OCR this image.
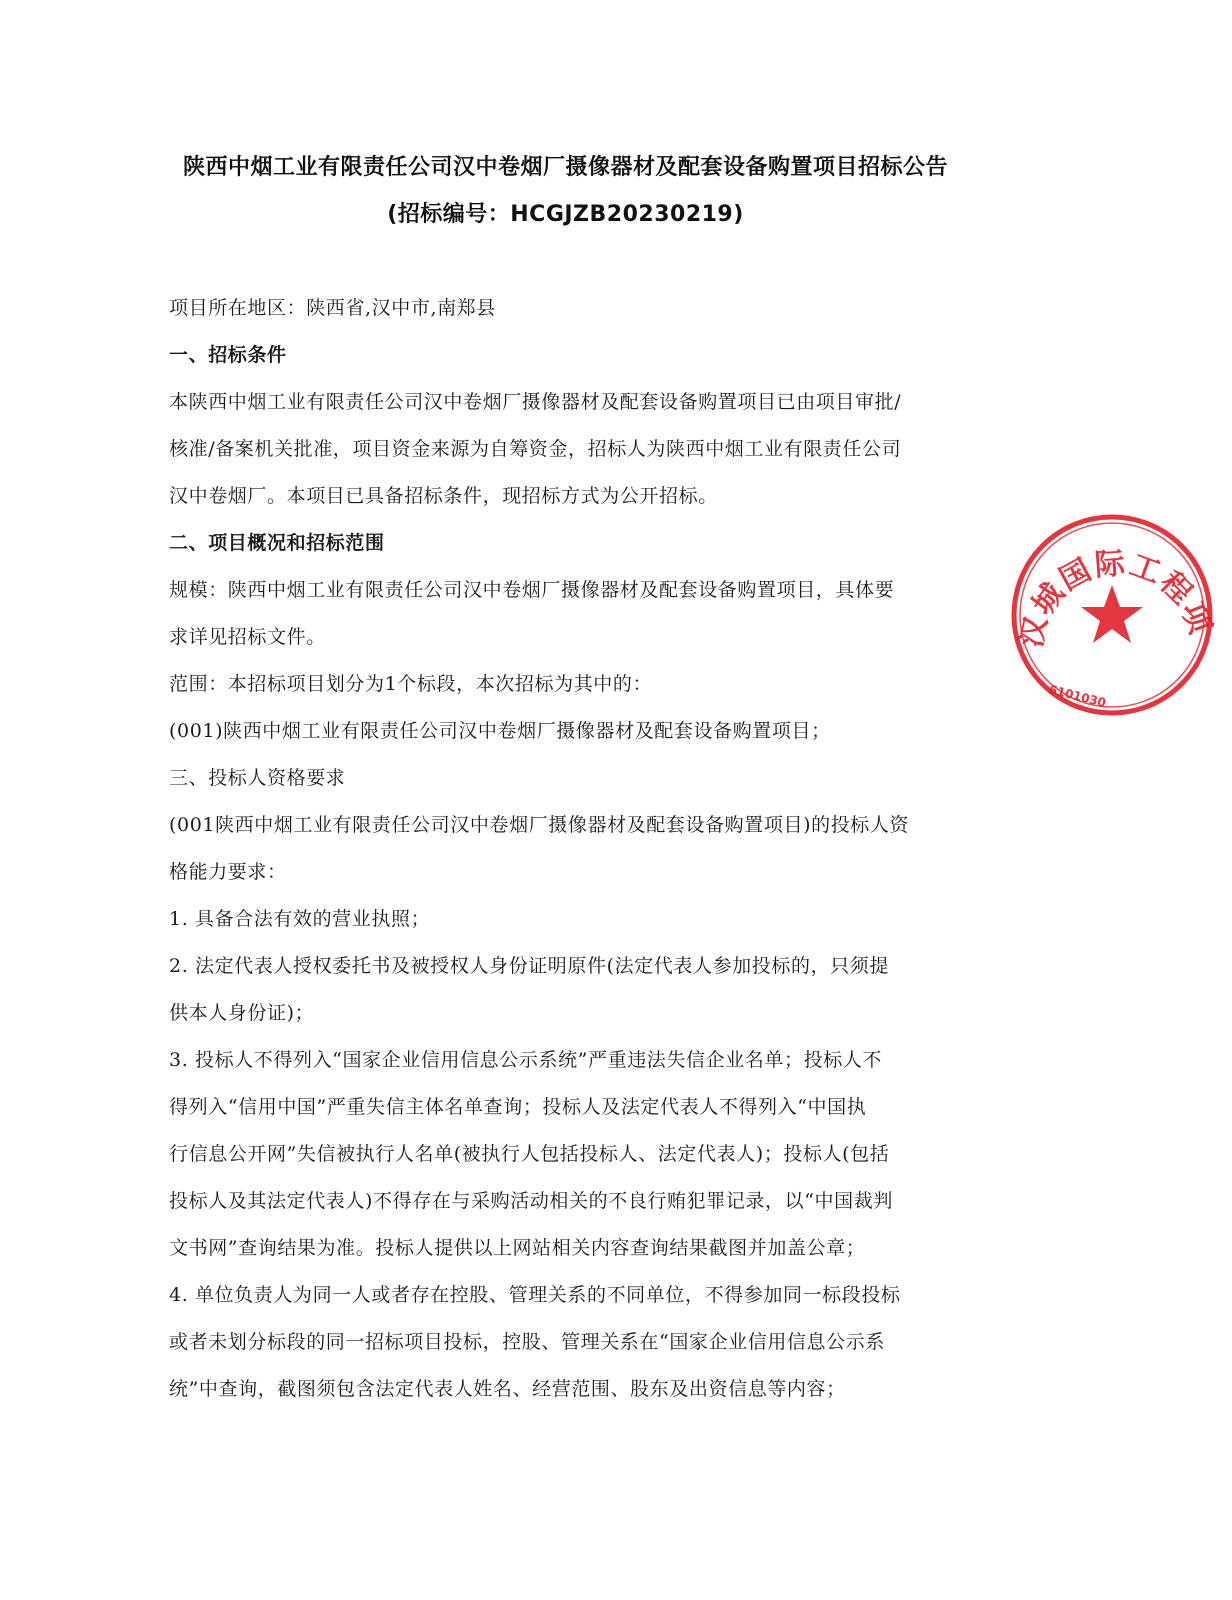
陕西中烟工业有限责任公司汉中卷烟厂摄像器材及配套设备购置项目招标公告
(招标编号：HCGJZB20230219)

项目所在地区：陕西省,汉中市,南郑县

一、招标条件

本陕西中烟工业有限责任公司汉中卷烟厂摄像器材及配套设备购置项目已由项目审批/

核准/备案机关批准，项目资金来源为自筹资金，招标人为陕西中烟工业有限责任公司

汉中卷烟厂。本项目已具备招标条件，现招标方式为公开招标。

二、项目概况和招标范围

规模：陕西中烟工业有限责任公司汉中卷烟厂摄像器材及配套设备购置项目，具体要

求详见招标文件。

范围：本招标项目划分为1个标段，本次招标为其中的：

(001)陕西中烟工业有限责任公司汉中卷烟厂摄像器材及配套设备购置项目；

三、投标人资格要求

(001陕西中烟工业有限责任公司汉中卷烟厂摄像器材及配套设备购置项目)的投标人资

格能力要求：

1. 具备合法有效的营业执照；

2. 法定代表人授权委托书及被授权人身份证明原件(法定代表人参加投标的，只须提

供本人身份证)；

3. 投标人不得列入“国家企业信用信息公示系统”严重违法失信企业名单；投标人不

得列入“信用中国”严重失信主体名单查询；投标人及法定代表人不得列入“中国执

行信息公开网”失信被执行人名单(被执行人包括投标人、法定代表人)；投标人(包括

投标人及其法定代表人)不得存在与采购活动相关的不良行贿犯罪记录，以“中国裁判

文书网”查询结果为准。投标人提供以上网站相关内容查询结果截图并加盖公章；

4. 单位负责人为同一人或者存在控股、管理关系的不同单位，不得参加同一标段投标

或者未划分标段的同一招标项目投标，控股、管理关系在“国家企业信用信息公示系

统”中查询，截图须包含法定代表人姓名、经营范围、股东及出资信息等内容；

汉城国际工程项
6101030
